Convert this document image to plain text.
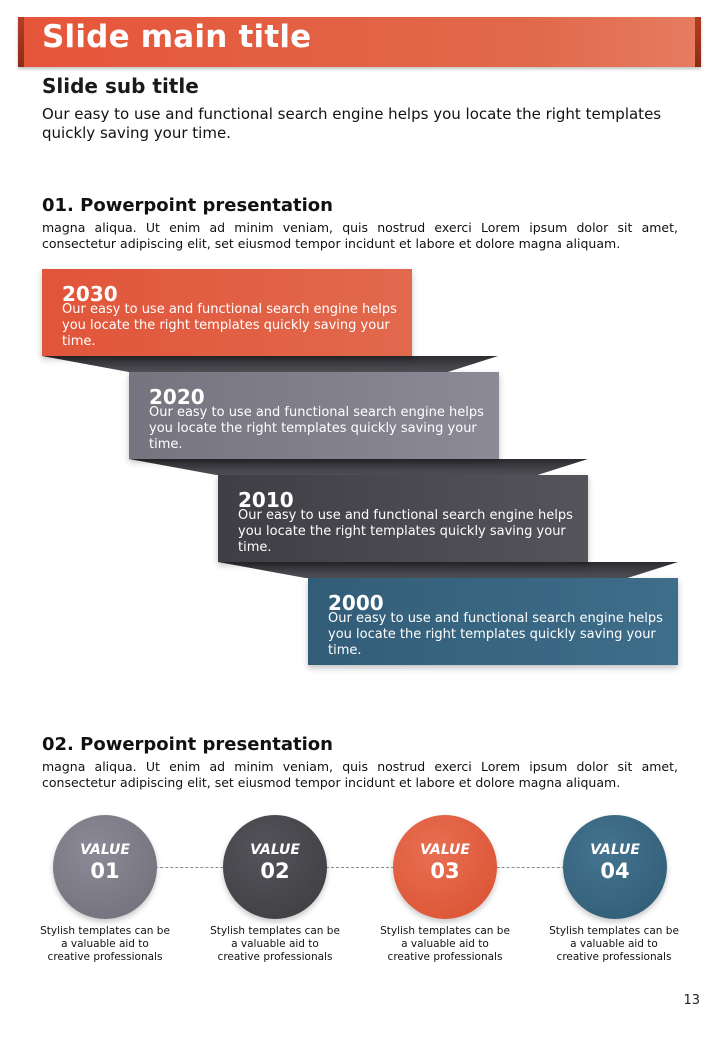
Slide main title
Slide sub title
Our easy to use and functional search engine helps you locate the right templates quickly saving your time.
01. Powerpoint presentation
magna aliqua. Ut enim ad minim veniam, quis nostrud exerci Lorem ipsum dolor sit amet, consectetur adipiscing elit, set eiusmod tempor incidunt et labore et dolore magna aliquam.
2030
Our easy to use and functional search engine helps you locate the right templates quickly saving your time.
2020
Our easy to use and functional search engine helps you locate the right templates quickly saving your time.
2010
Our easy to use and functional search engine helps you locate the right templates quickly saving your time.
2000
Our easy to use and functional search engine helps you locate the right templates quickly saving your time.
02. Powerpoint presentation
magna aliqua. Ut enim ad minim veniam, quis nostrud exerci Lorem ipsum dolor sit amet, consectetur adipiscing elit, set eiusmod tempor incidunt et labore et dolore magna aliquam.
VALUE
01
VALUE
02
VALUE
03
VALUE
04
Stylish templates can be a valuable aid to creative professionals
Stylish templates can be a valuable aid to creative professionals
Stylish templates can be a valuable aid to creative professionals
Stylish templates can be a valuable aid to creative professionals
13
